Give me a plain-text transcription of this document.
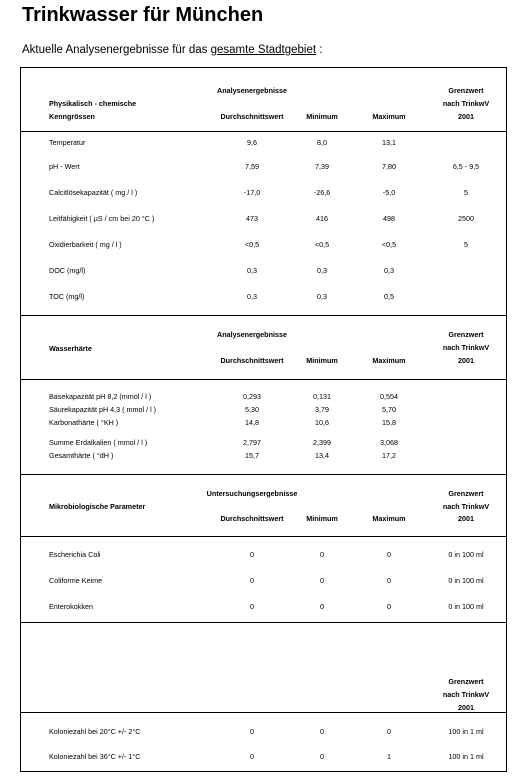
Trinkwasser für München
Aktuelle Analysenergebnisse für das gesamte Stadtgebiet :
Analysenergebnisse
Physikalisch - chemische
Kenngrössen	Durchschnittswert	Minimum	Maximum
Grenzwert
nach TrinkwV
2001
Temperatur	9,6	8,0	13,1
pH - Wert	7,59	7,39	7,80	6,5 - 9,5
Calcitlösekapazität ( mg / l )	-17,0	-26,6	-5,0	5
Leitfähigkeit ( µS / cm bei 20 °C )	473	416	498	2500
Oxidierbarkeit ( mg / l )	<0,5	<0,5	<0,5	5
DOC (mg/l)	0,3	0,3	0,3
TOC (mg/l)	0,3	0,3	0,5
Analysenergebnisse
Wasserhärte
Durchschnittswert	Minimum	Maximum
Grenzwert
nach TrinkwV
2001
Basekapazität pH 8,2 (mmol / l )	0,293	0,131	0,554
Säurekapazität pH 4,3 ( mmol / l )	5,30	3,79	5,70
Karbonathärte ( °KH )	14,8	10,6	15,8
Summe Erdalkalien ( mmol / l )	2,797	2,399	3,068
Gesamthärte ( °dH )	15,7	13,4	17,2
Untersuchungsergebnisse
Mikrobiologische Parameter
Durchschnittswert	Minimum	Maximum
Grenzwert
nach TrinkwV
2001
Escherichia Coli	0	0	0	0 in 100 ml
Coliforme Keime	0	0	0	0 in 100 ml
Enterokokken	0	0	0	0 in 100 ml
Grenzwert
nach TrinkwV
2001
Koloniezahl bei 20°C +/- 2°C	0	0	0	100 in 1 ml
Koloniezahl bei 36°C +/- 1°C	0	0	1	100 in 1 ml
